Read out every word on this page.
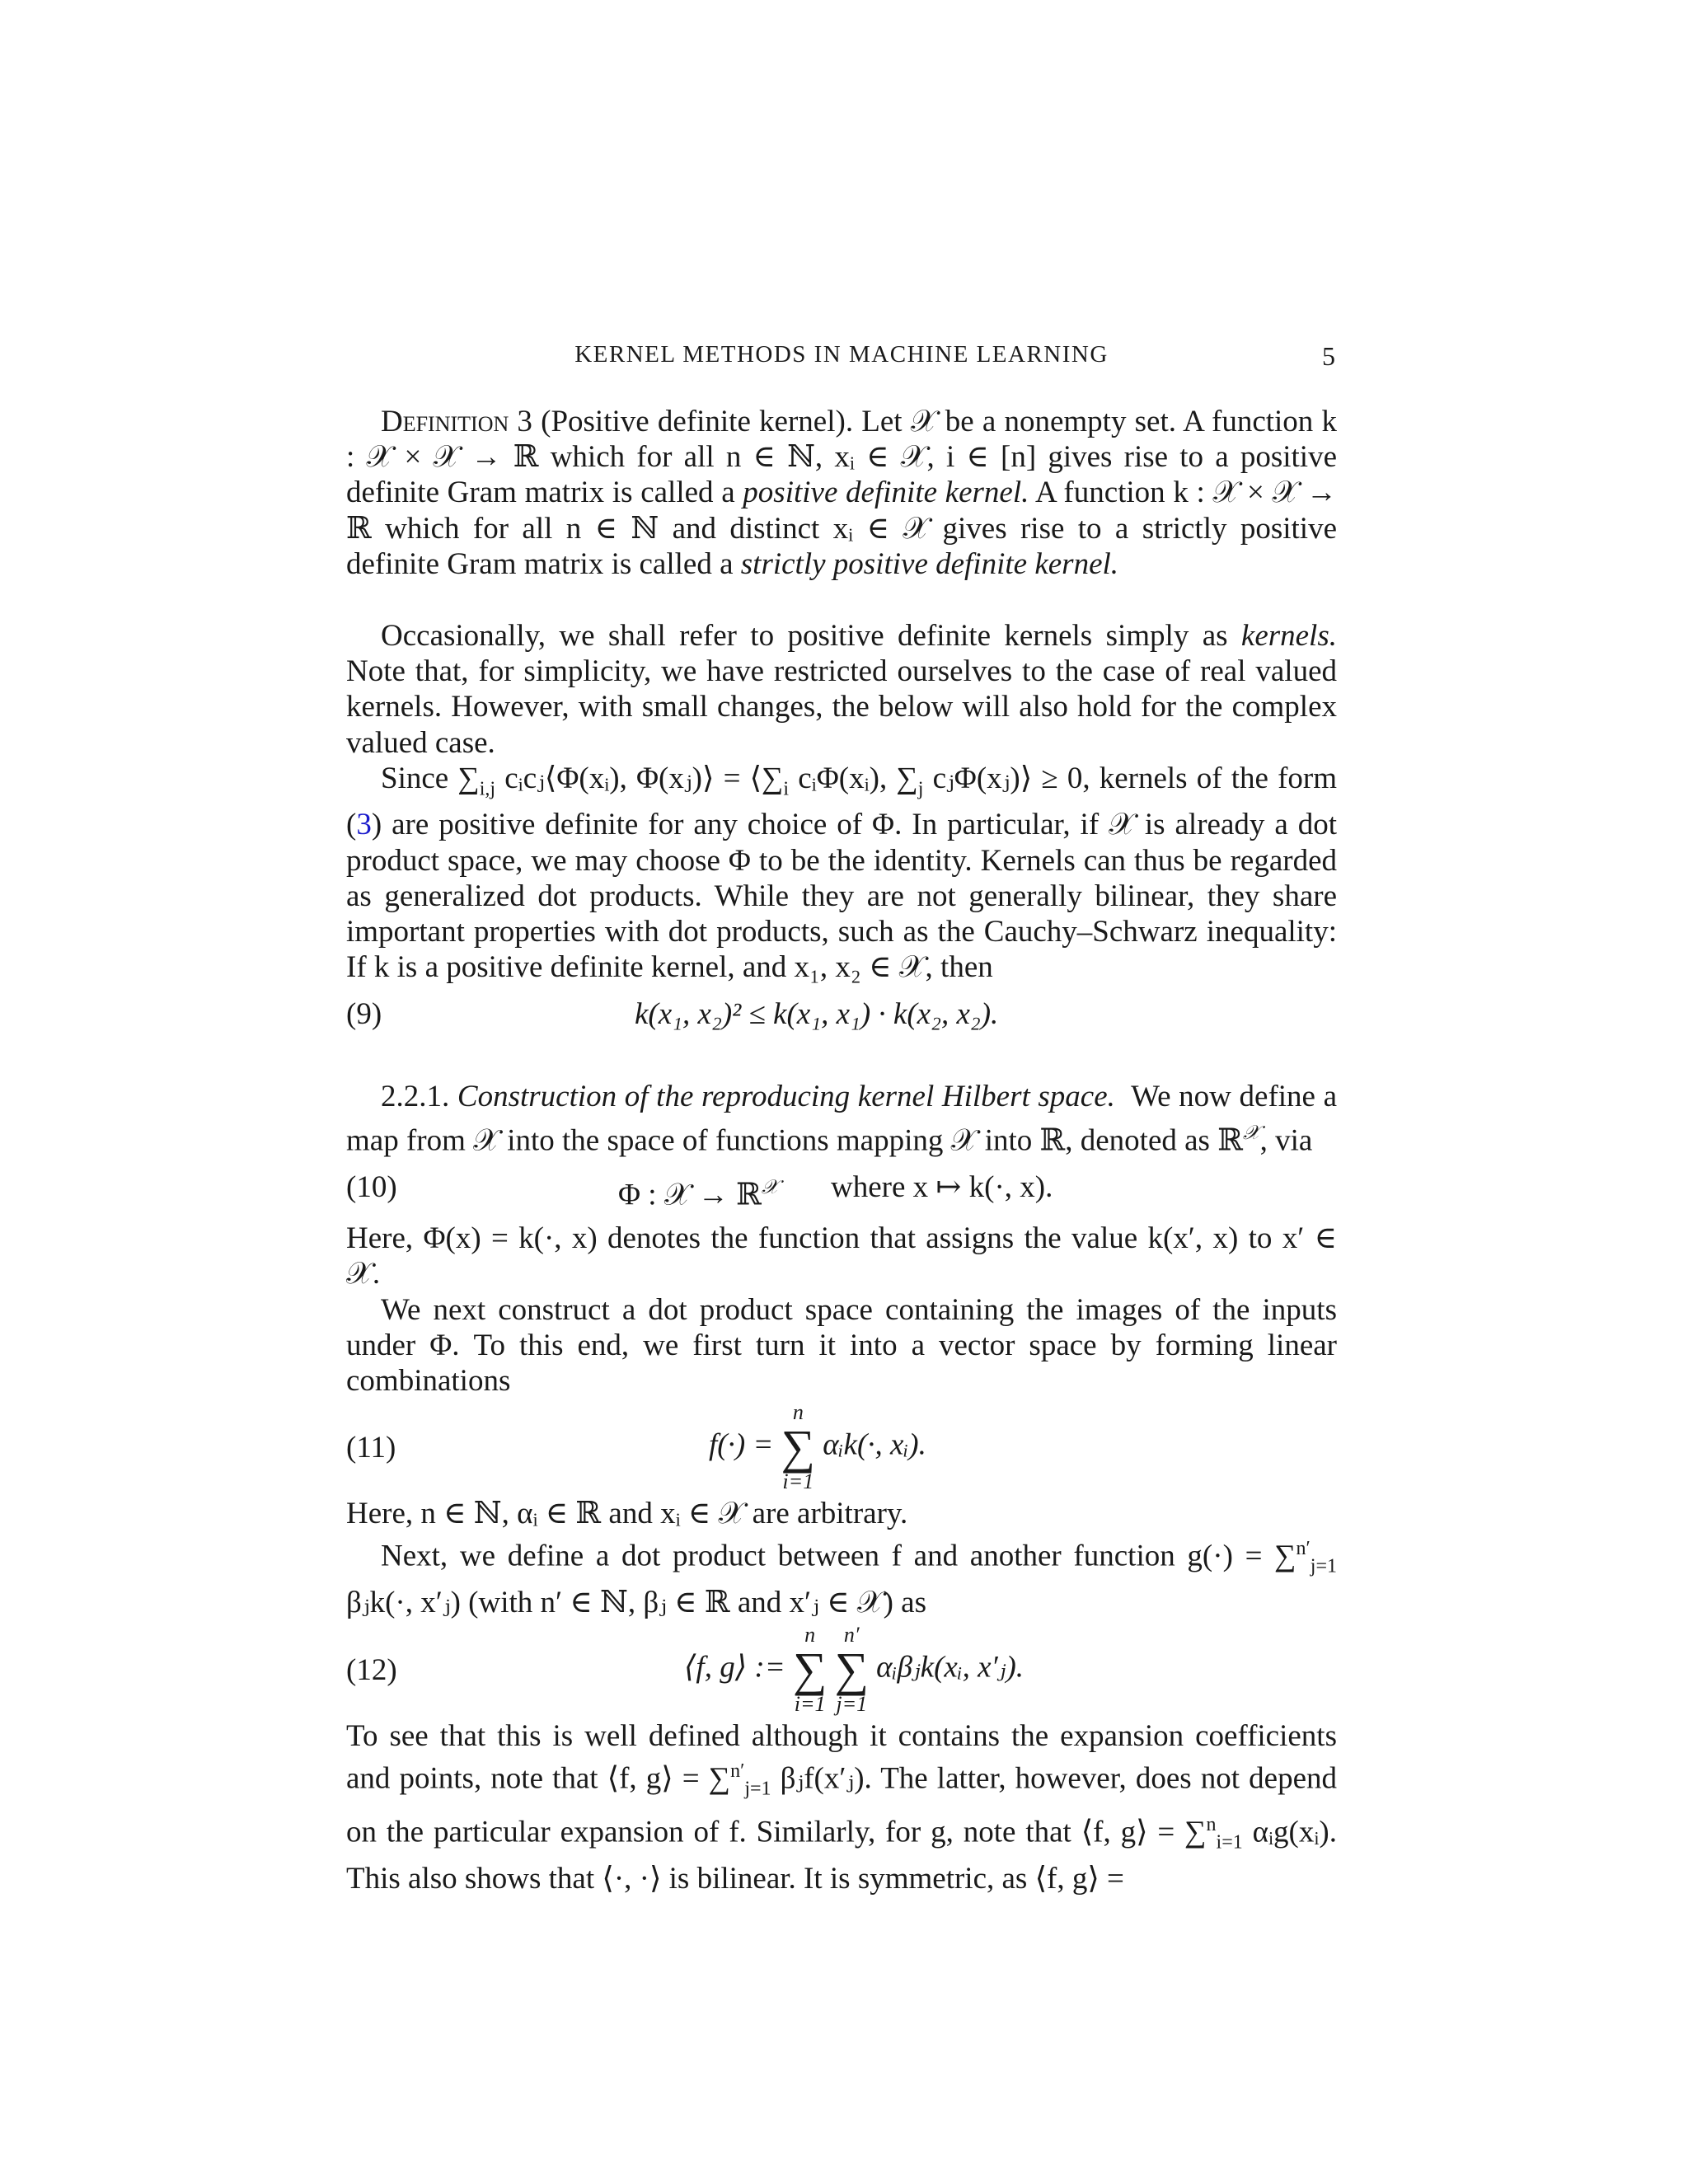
KERNEL METHODS IN MACHINE LEARNING	5

Definition 3 (Positive definite kernel). Let 𝒳 be a nonempty set. A function k : 𝒳 × 𝒳 → ℝ which for all n ∈ ℕ, xᵢ ∈ 𝒳, i ∈ [n] gives rise to a positive definite Gram matrix is called a positive definite kernel. A function k : 𝒳 × 𝒳 → ℝ which for all n ∈ ℕ and distinct xᵢ ∈ 𝒳 gives rise to a strictly positive definite Gram matrix is called a strictly positive definite kernel.

Occasionally, we shall refer to positive definite kernels simply as kernels. Note that, for simplicity, we have restricted ourselves to the case of real valued kernels. However, with small changes, the below will also hold for the complex valued case.

Since $\sum_{i,j}$ cᵢcⱼ⟨Φ(xᵢ), Φ(xⱼ)⟩ = $⟨\sum_i$ cᵢΦ(xᵢ), $\sum_j$ cⱼΦ(xⱼ)⟩ ≥ 0, kernels of the form (3) are positive definite for any choice of Φ. In particular, if 𝒳 is already a dot product space, we may choose Φ to be the identity. Kernels can thus be regarded as generalized dot products. While they are not generally bilinear, they share important properties with dot products, such as the Cauchy–Schwarz inequality: If k is a positive definite kernel, and x₁, x₂ ∈ 𝒳, then

(9)	k(x₁, x₂)² ≤ k(x₁, x₁) · k(x₂, x₂).

2.2.1. Construction of the reproducing kernel Hilbert space. We now define a map from 𝒳 into the space of functions mapping 𝒳 into ℝ, denoted as ℝ$^𝒳$, via

(10)	Φ : 𝒳 → ℝ$^𝒳$ where x ↦ k(·, x).

Here, Φ(x) = k(·, x) denotes the function that assigns the value k(x′, x) to x′ ∈ 𝒳.

We next construct a dot product space containing the images of the inputs under Φ. To this end, we first turn it into a vector space by forming linear combinations

(11)	f(·) =
n
∑
i=1
αᵢk(·, xᵢ).

Here, n ∈ ℕ, αᵢ ∈ ℝ and xᵢ ∈ 𝒳 are arbitrary.

Next, we define a dot product between f and another function g(·) = ∑$^{n'}_{j=1}$ βⱼk(·, x′ⱼ) (with n′ ∈ ℕ, βⱼ ∈ ℝ and x′ⱼ ∈ 𝒳) as

(12)	⟨f, g⟩ :=
n
∑
i=1

n′
∑
j=1
αᵢβⱼk(xᵢ, x′ⱼ).

To see that this is well defined although it contains the expansion coefficients and points, note that ⟨f, g⟩ = ∑$^{n'}_{j=1}$ βⱼf(x′ⱼ). The latter, however, does not depend on the particular expansion of f. Similarly, for g, note that ⟨f, g⟩ = ∑$^n_{i=1}$ αᵢg(xᵢ). This also shows that ⟨·, ·⟩ is bilinear. It is symmetric, as ⟨f, g⟩ =
